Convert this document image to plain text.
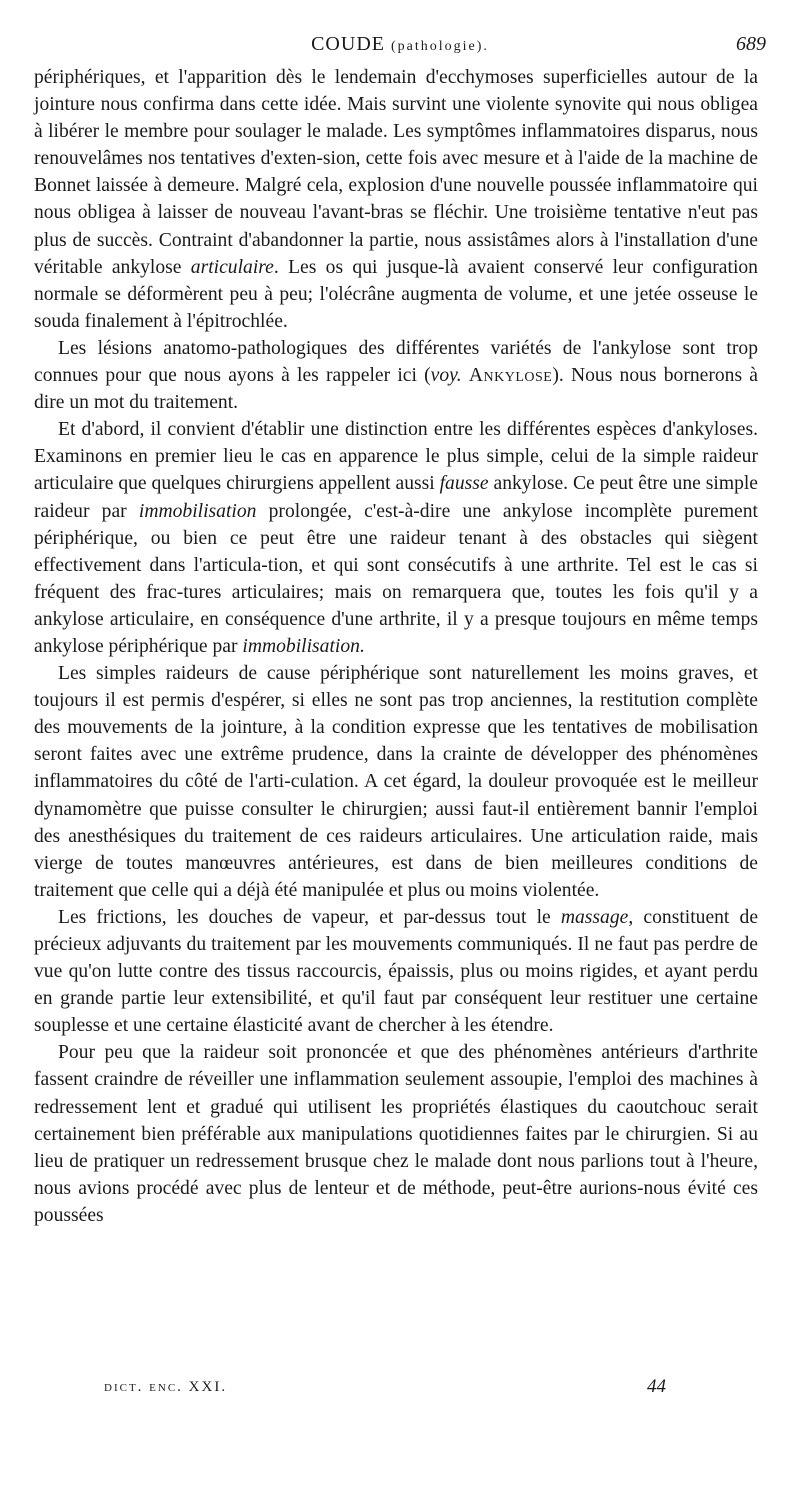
COUDE (pathologie).	689

périphériques, et l'apparition dès le lendemain d'ecchymoses superficielles autour de la jointure nous confirma dans cette idée. Mais survint une violente synovite qui nous obligea à libérer le membre pour soulager le malade. Les symptômes inflammatoires disparus, nous renouvelâmes nos tentatives d'exten-sion, cette fois avec mesure et à l'aide de la machine de Bonnet laissée à demeure. Malgré cela, explosion d'une nouvelle poussée inflammatoire qui nous obligea à laisser de nouveau l'avant-bras se fléchir. Une troisième tentative n'eut pas plus de succès. Contraint d'abandonner la partie, nous assistâmes alors à l'installation d'une véritable ankylose articulaire. Les os qui jusque-là avaient conservé leur configuration normale se déformèrent peu à peu; l'olécrâne augmenta de volume, et une jetée osseuse le souda finalement à l'épitrochlée.

Les lésions anatomo-pathologiques des différentes variétés de l'ankylose sont trop connues pour que nous ayons à les rappeler ici (voy. Ankylose). Nous nous bornerons à dire un mot du traitement.

Et d'abord, il convient d'établir une distinction entre les différentes espèces d'ankyloses. Examinons en premier lieu le cas en apparence le plus simple, celui de la simple raideur articulaire que quelques chirurgiens appellent aussi fausse ankylose. Ce peut être une simple raideur par immobilisation prolongée, c'est-à-dire une ankylose incomplète purement périphérique, ou bien ce peut être une raideur tenant à des obstacles qui siègent effectivement dans l'articula-tion, et qui sont consécutifs à une arthrite. Tel est le cas si fréquent des frac-tures articulaires; mais on remarquera que, toutes les fois qu'il y a ankylose articulaire, en conséquence d'une arthrite, il y a presque toujours en même temps ankylose périphérique par immobilisation.

Les simples raideurs de cause périphérique sont naturellement les moins graves, et toujours il est permis d'espérer, si elles ne sont pas trop anciennes, la restitution complète des mouvements de la jointure, à la condition expresse que les tentatives de mobilisation seront faites avec une extrême prudence, dans la crainte de développer des phénomènes inflammatoires du côté de l'arti-culation. A cet égard, la douleur provoquée est le meilleur dynamomètre que puisse consulter le chirurgien; aussi faut-il entièrement bannir l'emploi des anesthésiques du traitement de ces raideurs articulaires. Une articulation raide, mais vierge de toutes manœuvres antérieures, est dans de bien meilleures conditions de traitement que celle qui a déjà été manipulée et plus ou moins violentée.

Les frictions, les douches de vapeur, et par-dessus tout le massage, constituent de précieux adjuvants du traitement par les mouvements communiqués. Il ne faut pas perdre de vue qu'on lutte contre des tissus raccourcis, épaissis, plus ou moins rigides, et ayant perdu en grande partie leur extensibilité, et qu'il faut par conséquent leur restituer une certaine souplesse et une certaine élasticité avant de chercher à les étendre.

Pour peu que la raideur soit prononcée et que des phénomènes antérieurs d'arthrite fassent craindre de réveiller une inflammation seulement assoupie, l'emploi des machines à redressement lent et gradué qui utilisent les propriétés élastiques du caoutchouc serait certainement bien préférable aux manipulations quotidiennes faites par le chirurgien. Si au lieu de pratiquer un redressement brusque chez le malade dont nous parlions tout à l'heure, nous avions procédé avec plus de lenteur et de méthode, peut-être aurions-nous évité ces poussées

dict. enc. XXI.	44
